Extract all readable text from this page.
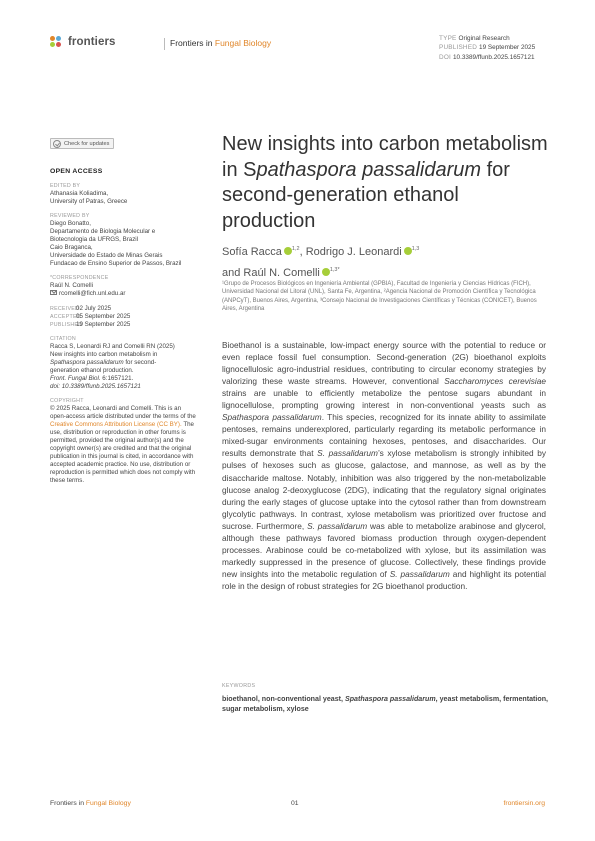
frontiers	Frontiers in Fungal Biology	TYPE Original Research
PUBLISHED 19 September 2025
DOI 10.3389/ffunb.2025.1657121
Check for updates
OPEN ACCESS
EDITED BY
Athanasia Koliadima,
University of Patras, Greece
REVIEWED BY
Diego Bonatto,
Departamento de Biologia Molecular e
Biotecnologia da UFRGS, Brazil
Caio Braganca,
Universidade do Estado de Minas Gerais
Fundacao de Ensino Superior de Passos, Brazil
*CORRESPONDENCE
Raúl N. Comelli
rcomelli@fich.unl.edu.ar
RECEIVED02 July 2025
ACCEPTED05 September 2025
PUBLISHED19 September 2025
CITATION
Racca S, Leonardi RJ and Comelli RN (2025)
New insights into carbon metabolism in
Spathaspora passalidarum for second-
generation ethanol production.
Front. Fungal Biol. 6:1657121.
doi: 10.3389/ffunb.2025.1657121
COPYRIGHT
© 2025 Racca, Leonardi and Comelli. This is an open-access article distributed under the terms of the Creative Commons Attribution License (CC BY). The use, distribution or reproduction in other forums is permitted, provided the original author(s) and the copyright owner(s) are credited and that the original publication in this journal is cited, in accordance with accepted academic practice. No use, distribution or reproduction is permitted which does not comply with these terms.
New insights into carbon metabolism in Spathaspora passalidarum for second-generation ethanol production
Sofía Racca $^{1,2}$, Rodrigo J. Leonardi $^{1,3}$
and Raúl N. Comelli $^{1,3*}$
¹Grupo de Procesos Biológicos en Ingeniería Ambiental (GPBIA), Facultad de Ingeniería y Ciencias Hídricas (FICH), Universidad Nacional del Litoral (UNL), Santa Fe, Argentina, ²Agencia Nacional de Promoción Científica y Tecnológica (ANPCyT), Buenos Aires, Argentina, ³Consejo Nacional de Investigaciones Científicas y Técnicas (CONICET), Buenos Aires, Argentina
Bioethanol is a sustainable, low-impact energy source with the potential to reduce or even replace fossil fuel consumption. Second-generation (2G) bioethanol exploits lignocellulosic agro-industrial residues, contributing to circular economy strategies by valorizing these waste streams. However, conventional Saccharomyces cerevisiae strains are unable to efficiently metabolize the pentose sugars abundant in lignocellulose, prompting growing interest in non-conventional yeasts such as Spathaspora passalidarum. This species, recognized for its innate ability to assimilate pentoses, remains underexplored, particularly regarding its metabolic performance in mixed-sugar environments containing hexoses, pentoses, and disaccharides. Our results demonstrate that S. passalidarum’s xylose metabolism is strongly inhibited by pulses of hexoses such as glucose, galactose, and mannose, as well as by the disaccharide maltose. Notably, inhibition was also triggered by the non-metabolizable glucose analog 2-deoxyglucose (2DG), indicating that the regulatory signal originates during the early stages of glucose uptake into the cytosol rather than from downstream glycolytic pathways. In contrast, xylose metabolism was prioritized over fructose and sucrose. Furthermore, S. passalidarum was able to metabolize arabinose and glycerol, although these pathways favored biomass production through oxygen-dependent processes. Arabinose could be co-metabolized with xylose, but its assimilation was markedly suppressed in the presence of glucose. Collectively, these findings provide new insights into the metabolic regulation of S. passalidarum and highlight its potential role in the design of robust strategies for 2G bioethanol production.
KEYWORDS
bioethanol, non-conventional yeast, Spathaspora passalidarum, yeast metabolism, fermentation, sugar metabolism, xylose
Frontiers in Fungal Biology	01	frontiersin.org
